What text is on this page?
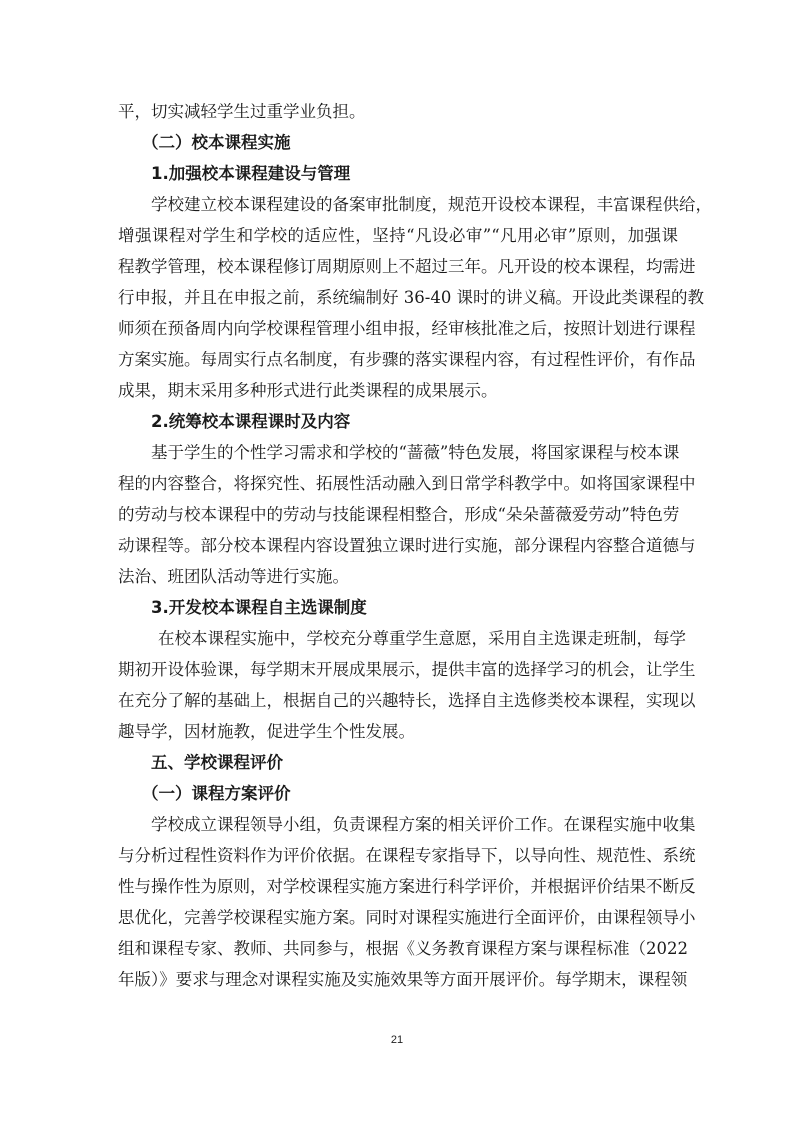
平，切实减轻学生过重学业负担。
（二）校本课程实施
1.加强校本课程建设与管理
学校建立校本课程建设的备案审批制度，规范开设校本课程，丰富课程供给，
增强课程对学生和学校的适应性，坚持“凡设必审”“凡用必审”原则，加强课
程教学管理，校本课程修订周期原则上不超过三年。凡开设的校本课程，均需进
行申报，并且在申报之前，系统编制好 36-40 课时的讲义稿。开设此类课程的教
师须在预备周内向学校课程管理小组申报，经审核批准之后，按照计划进行课程
方案实施。每周实行点名制度，有步骤的落实课程内容，有过程性评价，有作品
成果，期末采用多种形式进行此类课程的成果展示。
2.统筹校本课程课时及内容
基于学生的个性学习需求和学校的“蔷薇”特色发展，将国家课程与校本课
程的内容整合，将探究性、拓展性活动融入到日常学科教学中。如将国家课程中
的劳动与校本课程中的劳动与技能课程相整合，形成“朵朵蔷薇爱劳动”特色劳
动课程等。部分校本课程内容设置独立课时进行实施，部分课程内容整合道德与
法治、班团队活动等进行实施。
3.开发校本课程自主选课制度
在校本课程实施中，学校充分尊重学生意愿，采用自主选课走班制，每学
期初开设体验课，每学期末开展成果展示，提供丰富的选择学习的机会，让学生
在充分了解的基础上，根据自己的兴趣特长，选择自主选修类校本课程，实现以
趣导学，因材施教，促进学生个性发展。
五、学校课程评价
（一）课程方案评价
学校成立课程领导小组，负责课程方案的相关评价工作。在课程实施中收集
与分析过程性资料作为评价依据。在课程专家指导下，以导向性、规范性、系统
性与操作性为原则，对学校课程实施方案进行科学评价，并根据评价结果不断反
思优化，完善学校课程实施方案。同时对课程实施进行全面评价，由课程领导小
组和课程专家、教师、共同参与，根据《义务教育课程方案与课程标准（2022
年版）》要求与理念对课程实施及实施效果等方面开展评价。每学期末，课程领
21
